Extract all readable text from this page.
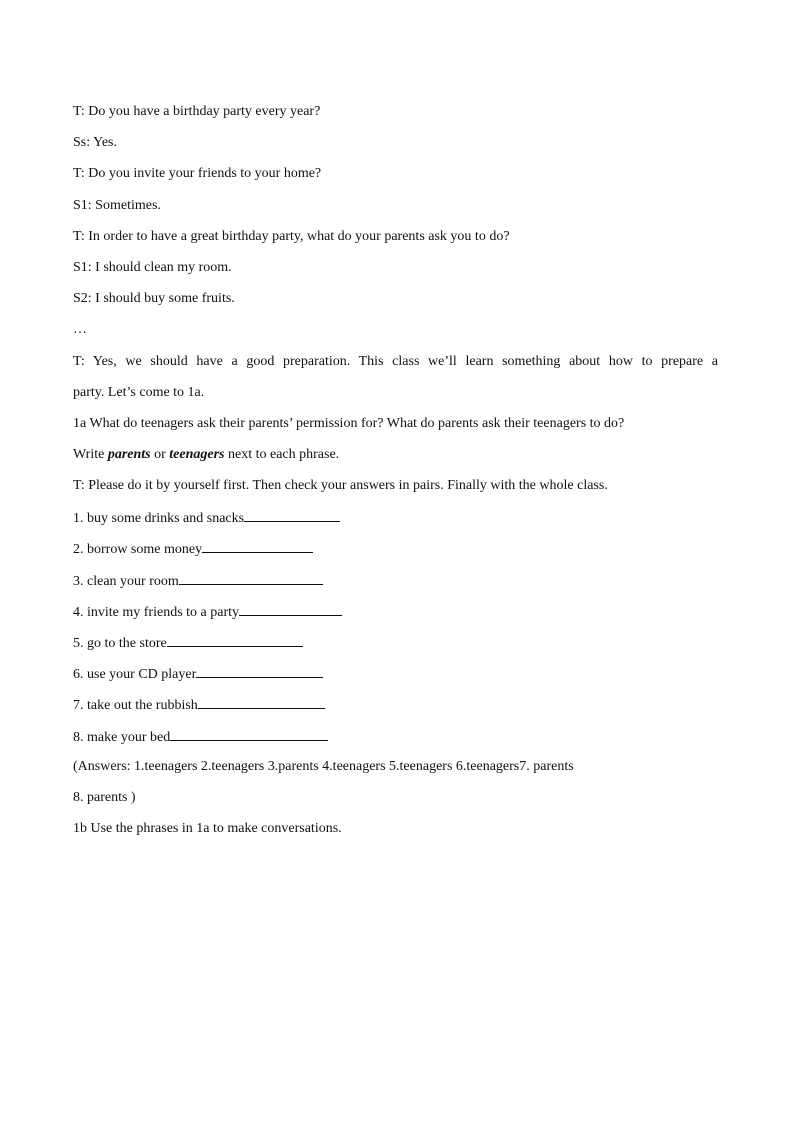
T: Do you have a birthday party every year?
Ss: Yes.
T: Do you invite your friends to your home?
S1: Sometimes.
T: In order to have a great birthday party, what do your parents ask you to do?
S1: I should clean my room.
S2: I should buy some fruits.
…
T: Yes, we should have a good preparation. This class we’ll learn something about how to prepare a
party. Let’s come to 1a.
1a What do teenagers ask their parents’ permission for? What do parents ask their teenagers to do?
Write parents or teenagers next to each phrase.
T: Please do it by yourself first. Then check your answers in pairs. Finally with the whole class.
1. buy some drinks and snacks
2. borrow some money
3. clean your room
4. invite my friends to a party
5. go to the store
6. use your CD player
7. take out the rubbish
8. make your bed
(Answers: 1.teenagers 2.teenagers 3.parents 4.teenagers 5.teenagers 6.teenagers7. parents
8. parents )
1b Use the phrases in 1a to make conversations.
